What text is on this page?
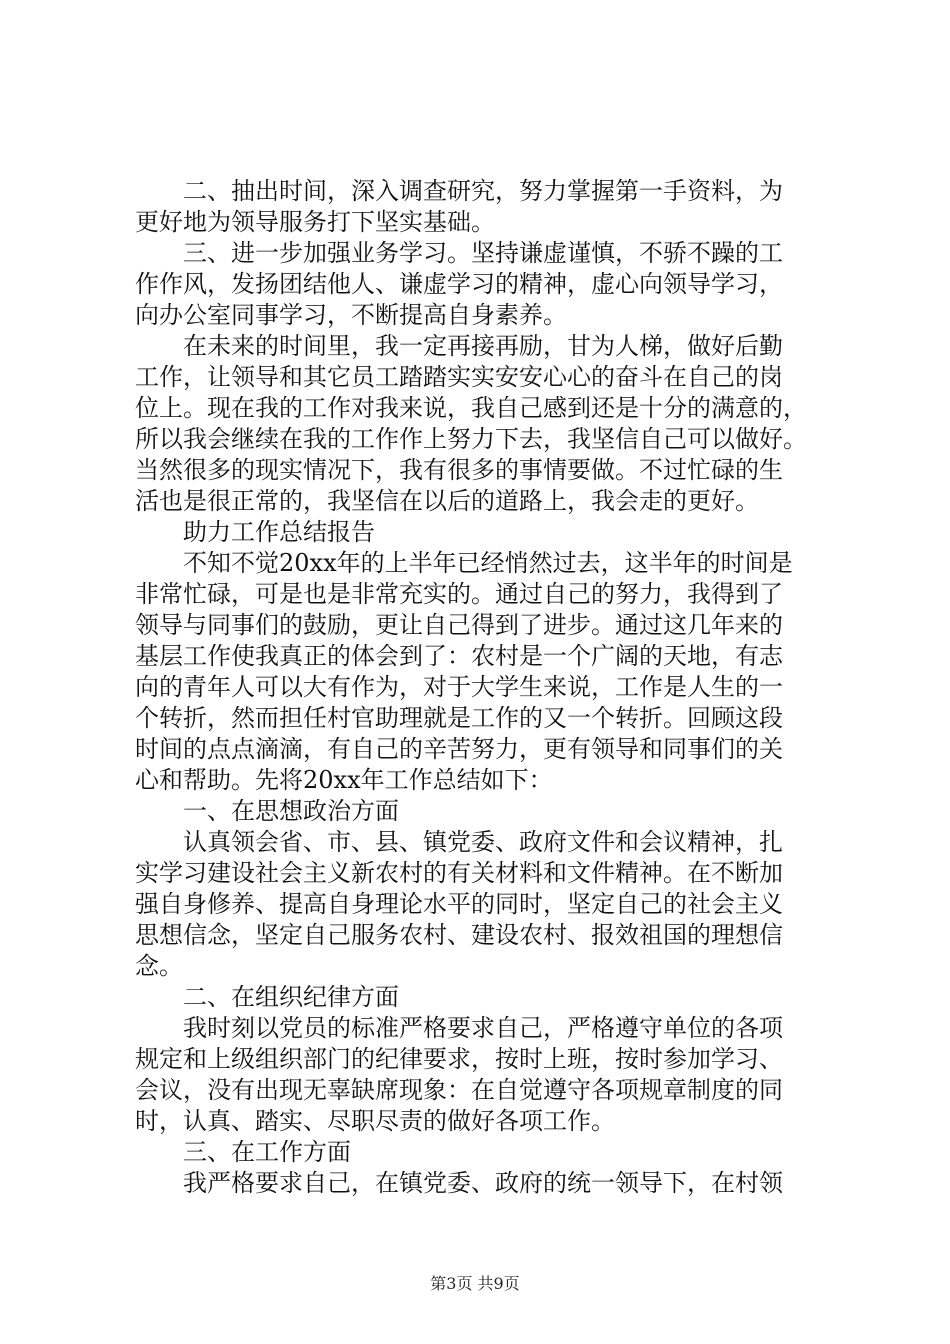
二、抽出时间，深入调查研究，努力掌握第一手资料，为
更好地为领导服务打下坚实基础。
三、进一步加强业务学习。坚持谦虚谨慎，不骄不躁的工
作作风，发扬团结他人、谦虚学习的精神，虚心向领导学习，
向办公室同事学习，不断提高自身素养。
在未来的时间里，我一定再接再励，甘为人梯，做好后勤
工作，让领导和其它员工踏踏实实安安心心的奋斗在自己的岗
位上。现在我的工作对我来说，我自己感到还是十分的满意的，
所以我会继续在我的工作作上努力下去，我坚信自己可以做好。
当然很多的现实情况下，我有很多的事情要做。不过忙碌的生
活也是很正常的，我坚信在以后的道路上，我会走的更好。
助力工作总结报告
不知不觉20xx年的上半年已经悄然过去，这半年的时间是
非常忙碌，可是也是非常充实的。通过自己的努力，我得到了
领导与同事们的鼓励，更让自己得到了进步。通过这几年来的
基层工作使我真正的体会到了：农村是一个广阔的天地，有志
向的青年人可以大有作为，对于大学生来说，工作是人生的一
个转折，然而担任村官助理就是工作的又一个转折。回顾这段
时间的点点滴滴，有自己的辛苦努力，更有领导和同事们的关
心和帮助。先将20xx年工作总结如下：
一、在思想政治方面
认真领会省、市、县、镇党委、政府文件和会议精神，扎
实学习建设社会主义新农村的有关材料和文件精神。在不断加
强自身修养、提高自身理论水平的同时，坚定自己的社会主义
思想信念，坚定自己服务农村、建设农村、报效祖国的理想信
念。
二、在组织纪律方面
我时刻以党员的标准严格要求自己，严格遵守单位的各项
规定和上级组织部门的纪律要求，按时上班，按时参加学习、
会议，没有出现无辜缺席现象：在自觉遵守各项规章制度的同
时，认真、踏实、尽职尽责的做好各项工作。
三、在工作方面
我严格要求自己，在镇党委、政府的统一领导下，在村领
第3页 共9页
